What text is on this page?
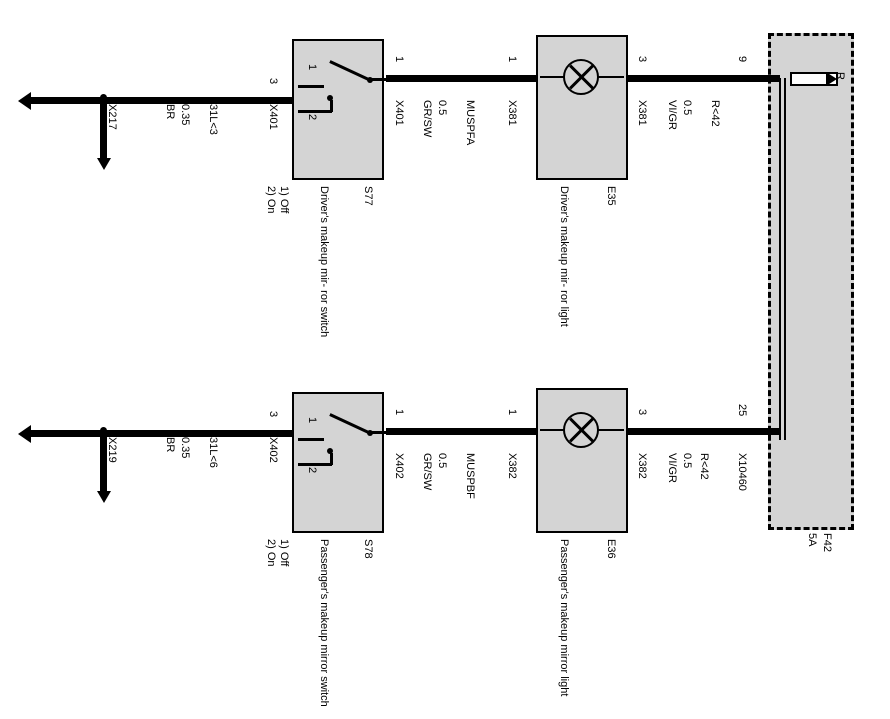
R
F42
5A
X217	BR 0.35 31L<3	X401
3
1
2
1) Off
2) On	Driver's makeup mir- ror switch	S77
1
X401	0.5
GR/SW	MUSPFA
1
X381
Driver's makeup mir- ror light	E35
3
X381 VI/GR 0.5 R<42
9
X219	BR 0.35 31L<6	X402
3
1
2
1) Off
2) On	Passenger's makeup mirror switch	S78
1
X402 GR/SW 0.5 MUSPBF
1
X382
Passenger's makeup mirror light	E36
3
X382 VI/GR 0.5 R<42
25
X10460
